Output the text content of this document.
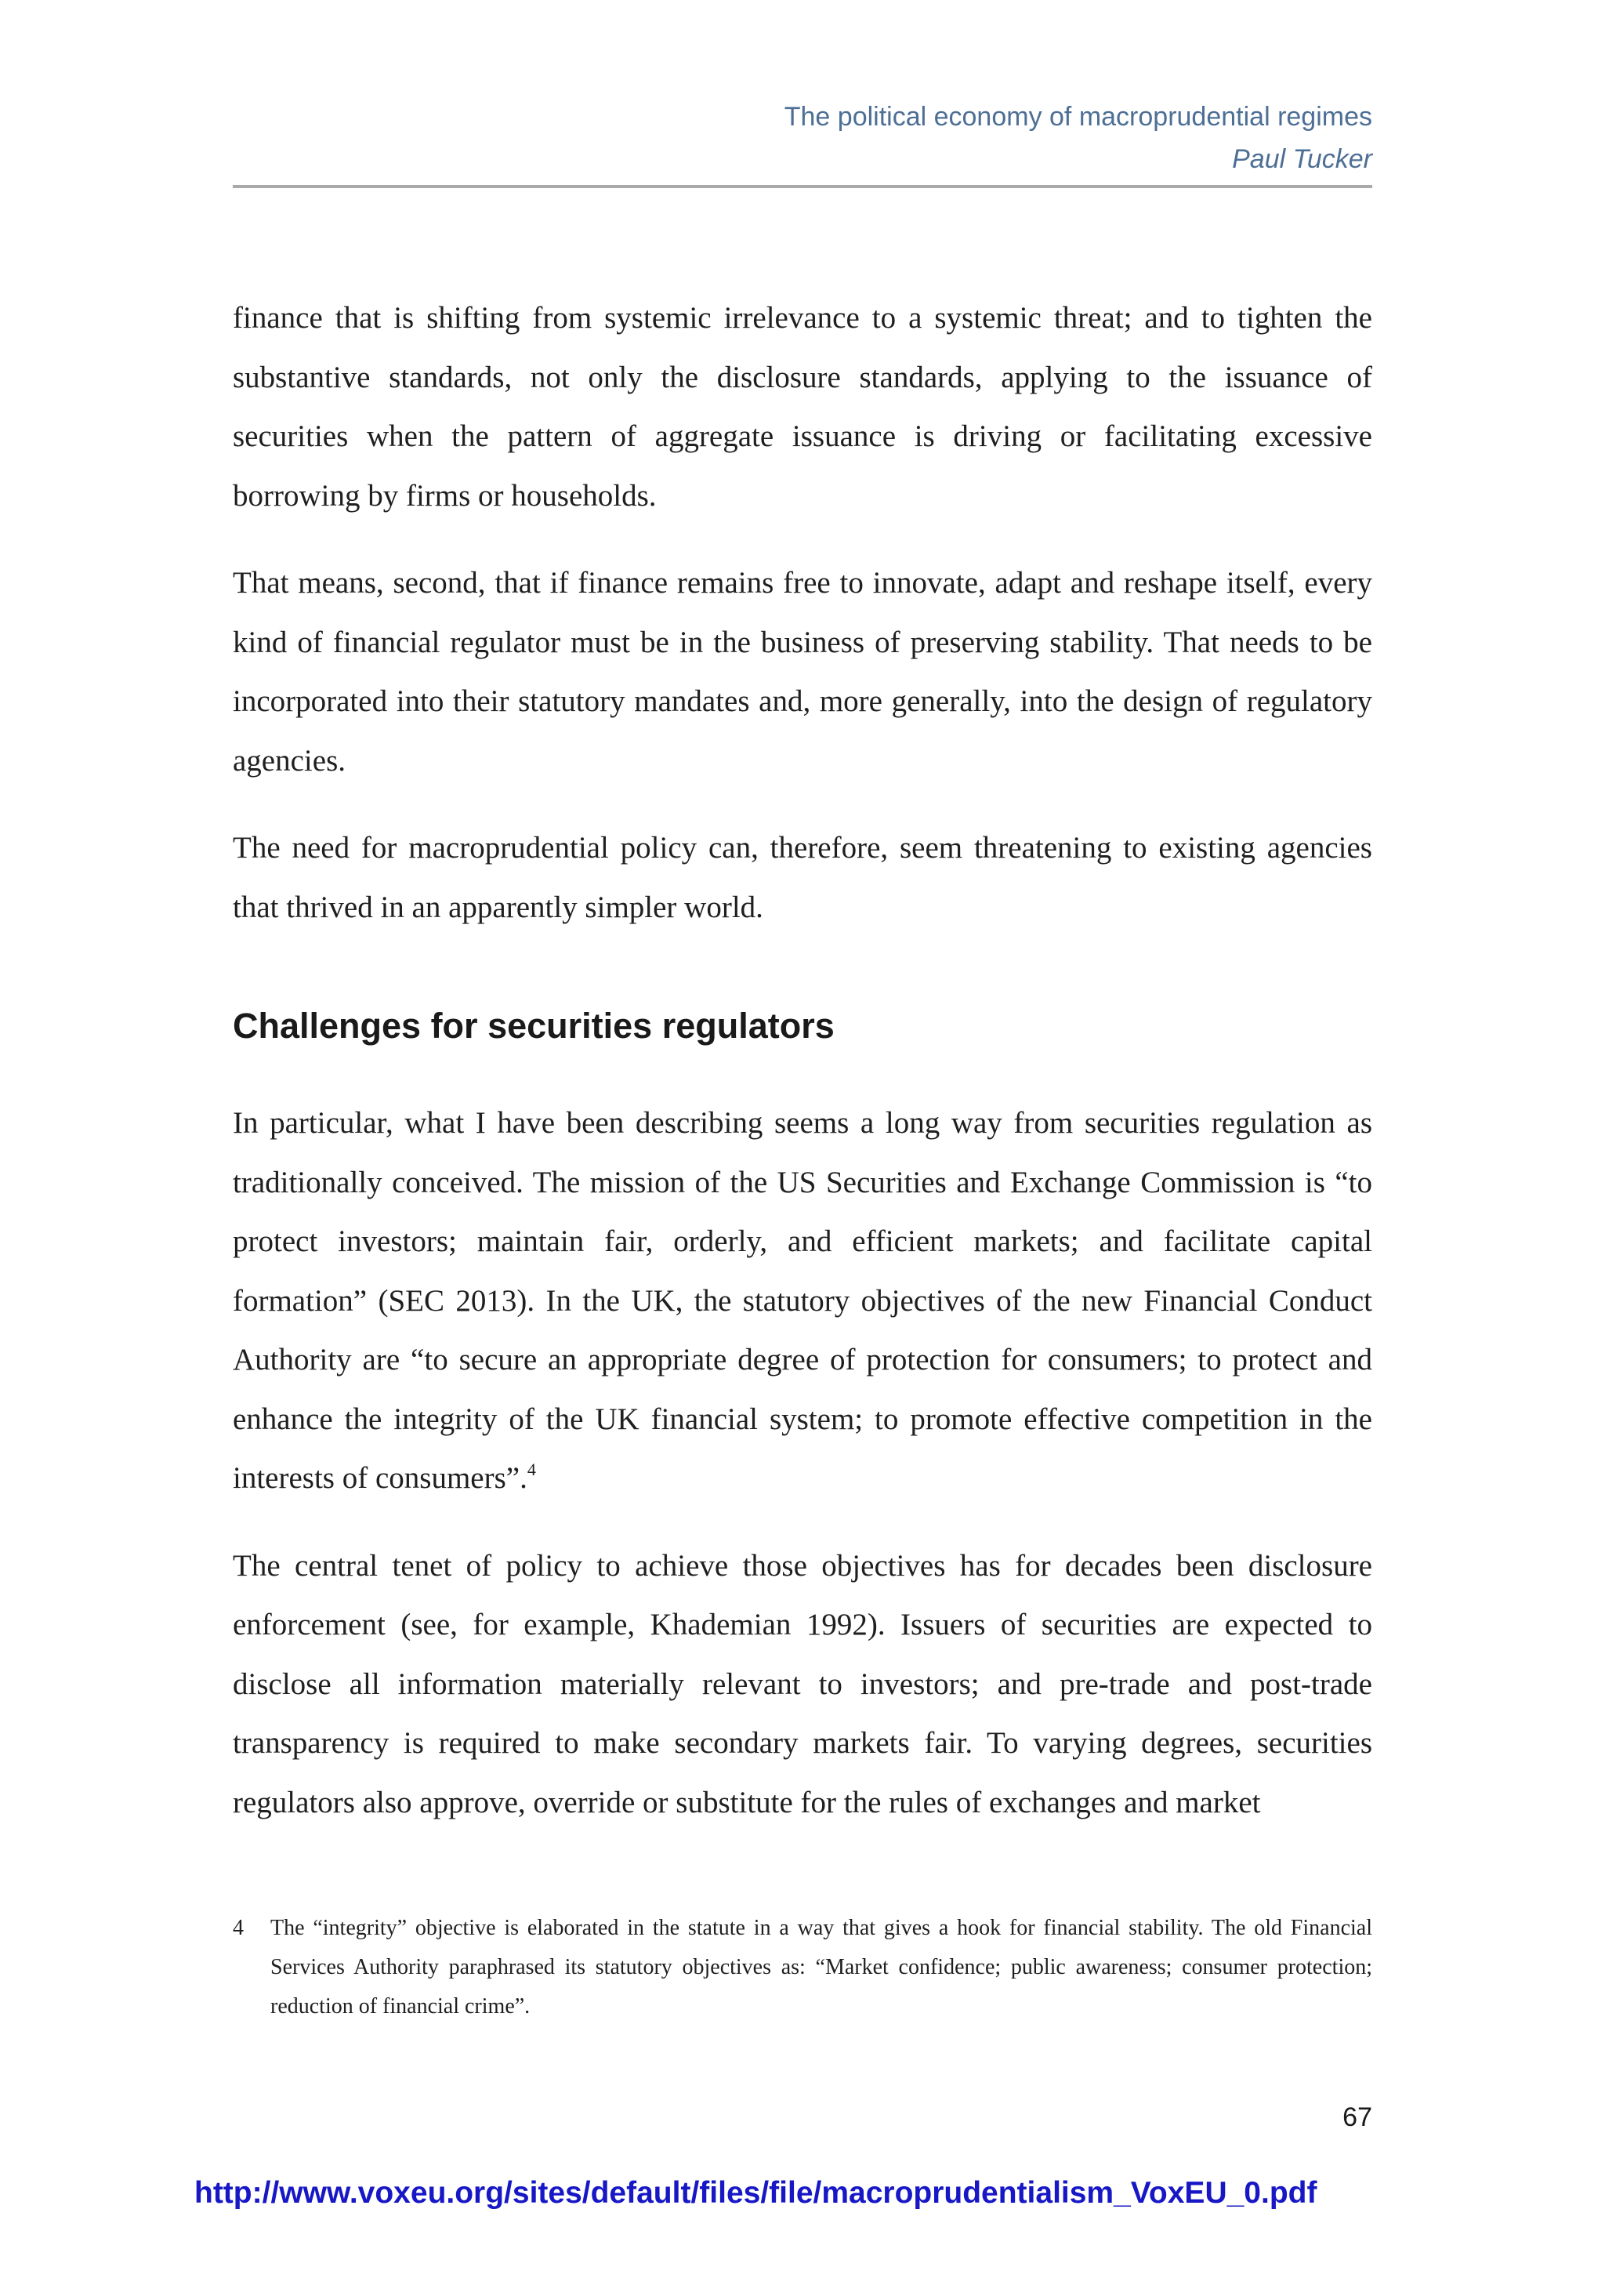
The political economy of macroprudential regimes
Paul Tucker

finance that is shifting from systemic irrelevance to a systemic threat; and to tighten the substantive standards, not only the disclosure standards, applying to the issuance of securities when the pattern of aggregate issuance is driving or facilitating excessive borrowing by firms or households.

That means, second, that if finance remains free to innovate, adapt and reshape itself, every kind of financial regulator must be in the business of preserving stability. That needs to be incorporated into their statutory mandates and, more generally, into the design of regulatory agencies.

The need for macroprudential policy can, therefore, seem threatening to existing agencies that thrived in an apparently simpler world.

Challenges for securities regulators

In particular, what I have been describing seems a long way from securities regulation as traditionally conceived. The mission of the US Securities and Exchange Commission is “to protect investors; maintain fair, orderly, and efficient markets; and facilitate capital formation” (SEC 2013). In the UK, the statutory objectives of the new Financial Conduct Authority are “to secure an appropriate degree of protection for consumers; to protect and enhance the integrity of the UK financial system; to promote effective competition in the interests of consumers”.$^4$

The central tenet of policy to achieve those objectives has for decades been disclosure enforcement (see, for example, Khademian 1992). Issuers of securities are expected to disclose all information materially relevant to investors; and pre-trade and post-trade transparency is required to make secondary markets fair. To varying degrees, securities regulators also approve, override or substitute for the rules of exchanges and market

4	The “integrity” objective is elaborated in the statute in a way that gives a hook for financial stability. The old Financial Services Authority paraphrased its statutory objectives as: “Market confidence; public awareness; consumer protection; reduction of financial crime”.
67
http://www.voxeu.org/sites/default/files/file/macroprudentialism_VoxEU_0.pdf
